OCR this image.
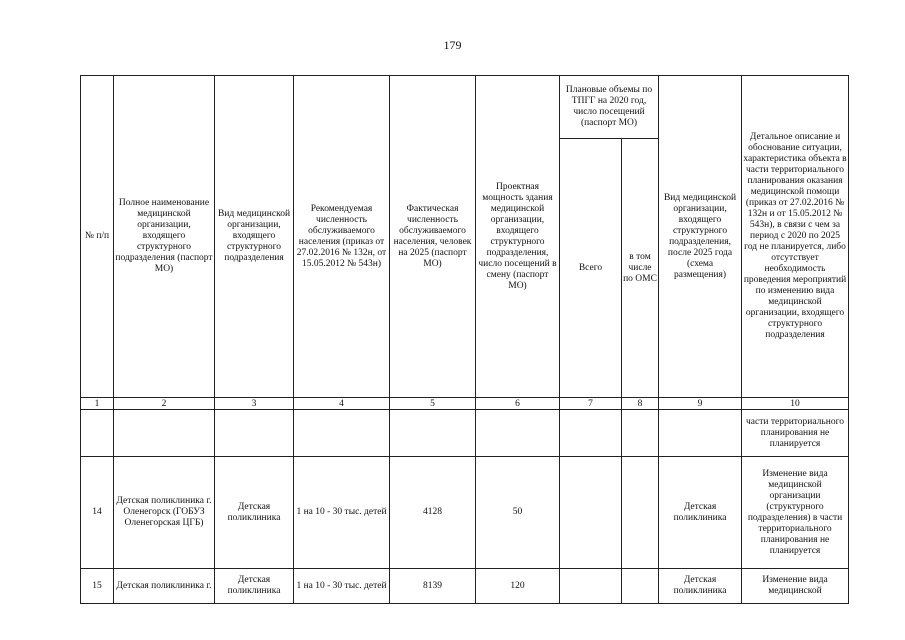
179
№ п/п	Полное наименование медицинской организации, входящего структурного подразделения (паспорт МО)	Вид медицинской организации, входящего структурного подразделения	Рекомендуемая численность обслуживаемого населения (приказ от 27.02.2016 № 132н, от 15.05.2012 № 543н)	Фактическая численность обслуживаемого населения, человек на 2025 (паспорт МО)	Проектная мощность здания медицинской организации, входящего структурного подразделения, число посещений в смену (паспорт МО)	Плановые объемы по ТПГГ на 2020 год, число посещений (паспорт МО)		Вид медицинской организации, входящего структурного подразделения, после 2025 года (схема размещения)	Детальное описание и обоснование ситуации, характеристика объекта в части территориального планирования оказания медицинской помощи (приказ от 27.02.2016 № 132н и от 15.05.2012 № 543н), в связи с чем за период с 2020 по 2025 год не планируется, либо отсутствует необходимость проведения мероприятий по изменению вида медицинской организации, входящего структурного подразделения
						Всего	в том числе по ОМС		
1	2	3	4	5	6	7	8	9	10
									части территориального планирования не планируется
14	Детская поликлиника г. Оленегорск (ГОБУЗ Оленегорская ЦГБ)	Детская поликлиника	1 на 10 - 30 тыс. детей	4128	50			Детская поликлиника	Изменение вида медицинской организации (структурного подразделения) в части территориального планирования не планируется
15	Детская поликлиника г.	Детская поликлиника	1 на 10 - 30 тыс. детей	8139	120			Детская поликлиника	Изменение вида медицинской
